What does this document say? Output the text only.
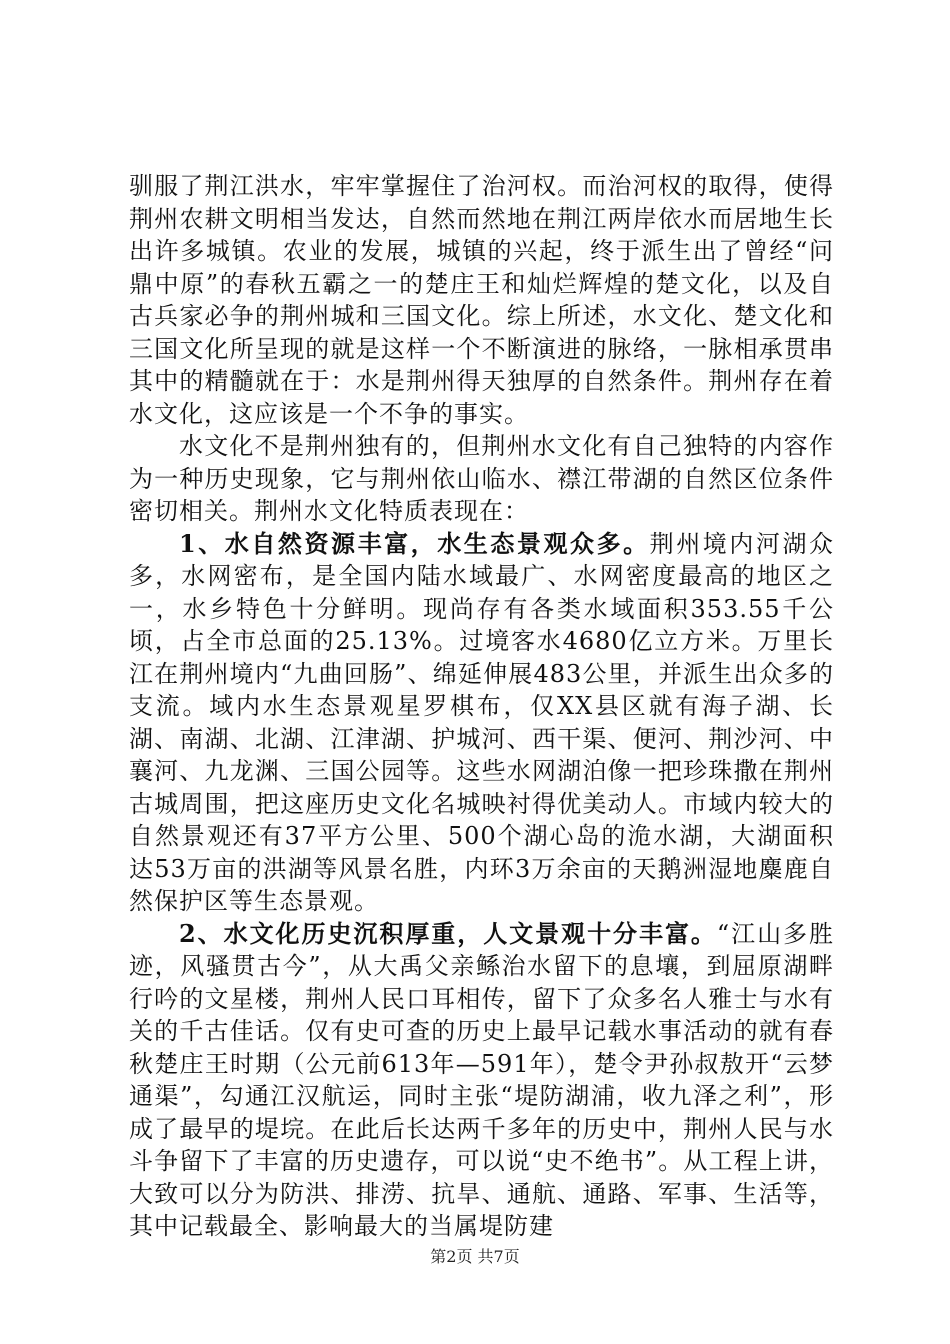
驯服了荆江洪水，牢牢掌握住了治河权。而治河权的取得，使得荆州农耕文明相当发达，自然而然地在荆江两岸依水而居地生长出许多城镇。农业的发展，城镇的兴起，终于派生出了曾经“问鼎中原”的春秋五霸之一的楚庄王和灿烂辉煌的楚文化，以及自古兵家必争的荆州城和三国文化。综上所述，水文化、楚文化和三国文化所呈现的就是这样一个不断演进的脉络，一脉相承贯串其中的精髓就在于：水是荆州得天独厚的自然条件。荆州存在着水文化，这应该是一个不争的事实。

水文化不是荆州独有的，但荆州水文化有自己独特的内容作为一种历史现象，它与荆州依山临水、襟江带湖的自然区位条件密切相关。荆州水文化特质表现在：

1、水自然资源丰富，水生态景观众多。荆州境内河湖众多，水网密布，是全国内陆水域最广、水网密度最高的地区之一，水乡特色十分鲜明。现尚存有各类水域面积353.55千公顷，占全市总面的25.13%。过境客水4680亿立方米。万里长江在荆州境内“九曲回肠”、绵延伸展483公里，并派生出众多的支流。域内水生态景观星罗棋布，仅XX县区就有海子湖、长湖、南湖、北湖、江津湖、护城河、西干渠、便河、荆沙河、中襄河、九龙渊、三国公园等。这些水网湖泊像一把珍珠撒在荆州古城周围，把这座历史文化名城映衬得优美动人。市域内较大的自然景观还有37平方公里、500个湖心岛的洈水湖，大湖面积达53万亩的洪湖等风景名胜，内环3万余亩的天鹅洲湿地麋鹿自然保护区等生态景观。

2、水文化历史沉积厚重，人文景观十分丰富。“江山多胜迹，风骚贯古今”，从大禹父亲鲧治水留下的息壤，到屈原湖畔行吟的文星楼，荆州人民口耳相传，留下了众多名人雅士与水有关的千古佳话。仅有史可查的历史上最早记载水事活动的就有春秋楚庄王时期（公元前613年—591年），楚令尹孙叔敖开“云梦通渠”，勾通江汉航运，同时主张“堤防湖浦，收九泽之利”，形成了最早的堤垸。在此后长达两千多年的历史中，荆州人民与水斗争留下了丰富的历史遗存，可以说“史不绝书”。从工程上讲，大致可以分为防洪、排涝、抗旱、通航、通路、军事、生活等，其中记载最全、影响最大的当属堤防建

第2页 共7页
